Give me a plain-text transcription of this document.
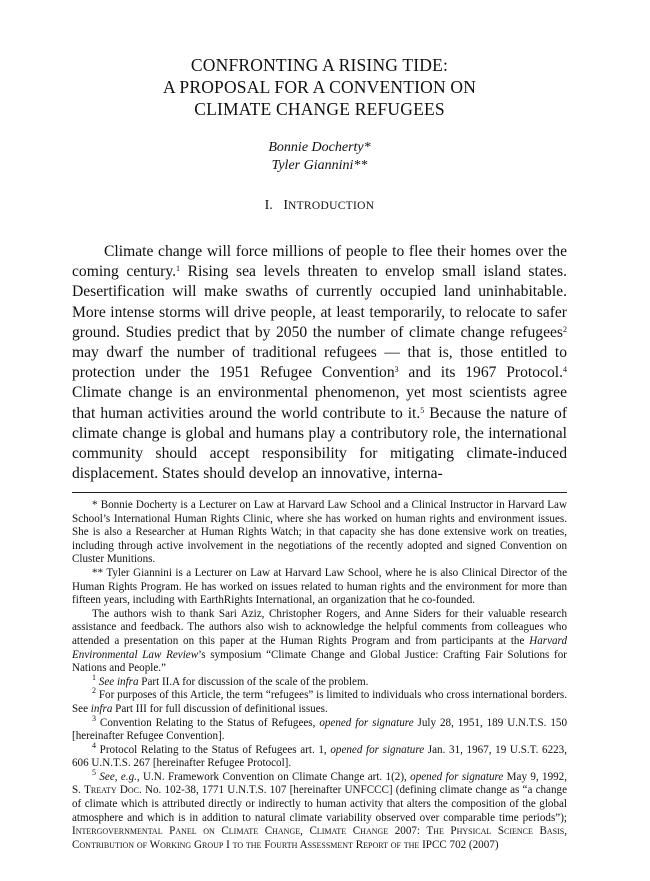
CONFRONTING A RISING TIDE:
A PROPOSAL FOR A CONVENTION ON
CLIMATE CHANGE REFUGEES
Bonnie Docherty*
Tyler Giannini**
I. INTRODUCTION

Climate change will force millions of people to flee their homes over the coming century.$^1$ Rising sea levels threaten to envelop small island states. Desertification will make swaths of currently occupied land uninhabitable. More intense storms will drive people, at least temporarily, to relocate to safer ground. Studies predict that by 2050 the number of climate change refugees$^2$ may dwarf the number of traditional refugees — that is, those entitled to protection under the 1951 Refugee Convention$^3$ and its 1967 Protocol.$^4$ Climate change is an environmental phenomenon, yet most scientists agree that human activities around the world contribute to it.$^5$ Because the nature of climate change is global and humans play a contributory role, the international community should accept responsibility for mitigating climate-induced displacement. States should develop an innovative, interna-

* Bonnie Docherty is a Lecturer on Law at Harvard Law School and a Clinical Instructor in Harvard Law School’s International Human Rights Clinic, where she has worked on human rights and environment issues. She is also a Researcher at Human Rights Watch; in that capacity she has done extensive work on treaties, including through active involvement in the negotiations of the recently adopted and signed Convention on Cluster Munitions.

** Tyler Giannini is a Lecturer on Law at Harvard Law School, where he is also Clinical Director of the Human Rights Program. He has worked on issues related to human rights and the environment for more than fifteen years, including with EarthRights International, an organization that he co-founded.

The authors wish to thank Sari Aziz, Christopher Rogers, and Anne Siders for their valuable research assistance and feedback. The authors also wish to acknowledge the helpful comments from colleagues who attended a presentation on this paper at the Human Rights Program and from participants at the Harvard Environmental Law Review’s symposium “Climate Change and Global Justice: Crafting Fair Solutions for Nations and People.”

$^1$ See infra Part II.A for discussion of the scale of the problem.

$^2$ For purposes of this Article, the term “refugees” is limited to individuals who cross international borders. See infra Part III for full discussion of definitional issues.

$^3$ Convention Relating to the Status of Refugees, opened for signature July 28, 1951, 189 U.N.T.S. 150 [hereinafter Refugee Convention].

$^4$ Protocol Relating to the Status of Refugees art. 1, opened for signature Jan. 31, 1967, 19 U.S.T. 6223, 606 U.N.T.S. 267 [hereinafter Refugee Protocol].

$^5$ See, e.g., U.N. Framework Convention on Climate Change art. 1(2), opened for signature May 9, 1992, S. Treaty Doc. No. 102-38, 1771 U.N.T.S. 107 [hereinafter UNFCCC] (defining climate change as “a change of climate which is attributed directly or indirectly to human activity that alters the composition of the global atmosphere and which is in addition to natural climate variability observed over comparable time periods”); Intergovernmental Panel on Climate Change, Climate Change 2007: The Physical Science Basis, Contribution of Working Group I to the Fourth Assessment Report of the IPCC 702 (2007)
